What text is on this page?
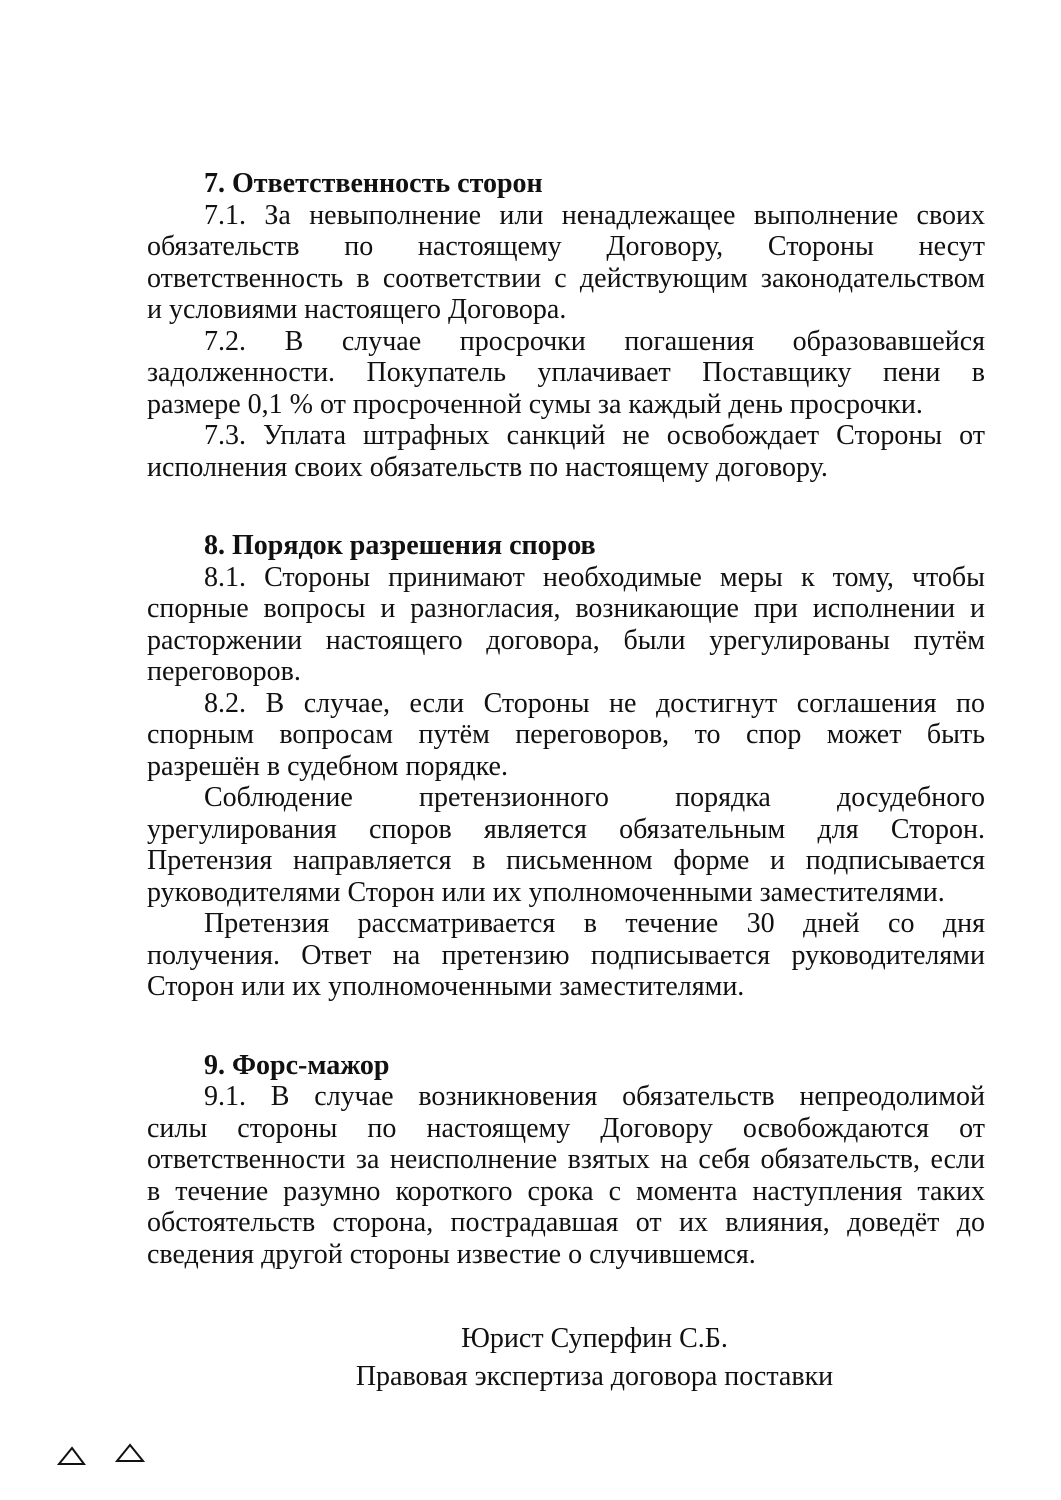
7. Ответственность сторон
7.1. За невыполнение или ненадлежащее выполнение своих
обязательств по настоящему Договору, Стороны несут
ответственность в соответствии с действующим законодательством
и условиями настоящего Договора.
7.2. В случае просрочки погашения образовавшейся
задолженности. Покупатель уплачивает Поставщику пени в
размере 0,1 % от просроченной сумы за каждый день просрочки.
7.3. Уплата штрафных санкций не освобождает Стороны от
исполнения своих обязательств по настоящему договору.
8. Порядок разрешения споров
8.1. Стороны принимают необходимые меры к тому, чтобы
спорные вопросы и разногласия, возникающие при исполнении и
расторжении настоящего договора, были урегулированы путём
переговоров.
8.2. В случае, если Стороны не достигнут соглашения по
спорным вопросам путём переговоров, то спор может быть
разрешён в судебном порядке.
Соблюдение претензионного порядка досудебного
урегулирования споров является обязательным для Сторон.
Претензия направляется в письменном форме и подписывается
руководителями Сторон или их уполномоченными заместителями.
Претензия рассматривается в течение 30 дней со дня
получения. Ответ на претензию подписывается руководителями
Сторон или их уполномоченными заместителями.
9. Форс-мажор
9.1. В случае возникновения обязательств непреодолимой
силы стороны по настоящему Договору освобождаются от
ответственности за неисполнение взятых на себя обязательств, если
в течение разумно короткого срока с момента наступления таких
обстоятельств сторона, пострадавшая от их влияния, доведёт до
сведения другой стороны известие о случившемся.
Юрист Суперфин С.Б.
Правовая экспертиза договора поставки
